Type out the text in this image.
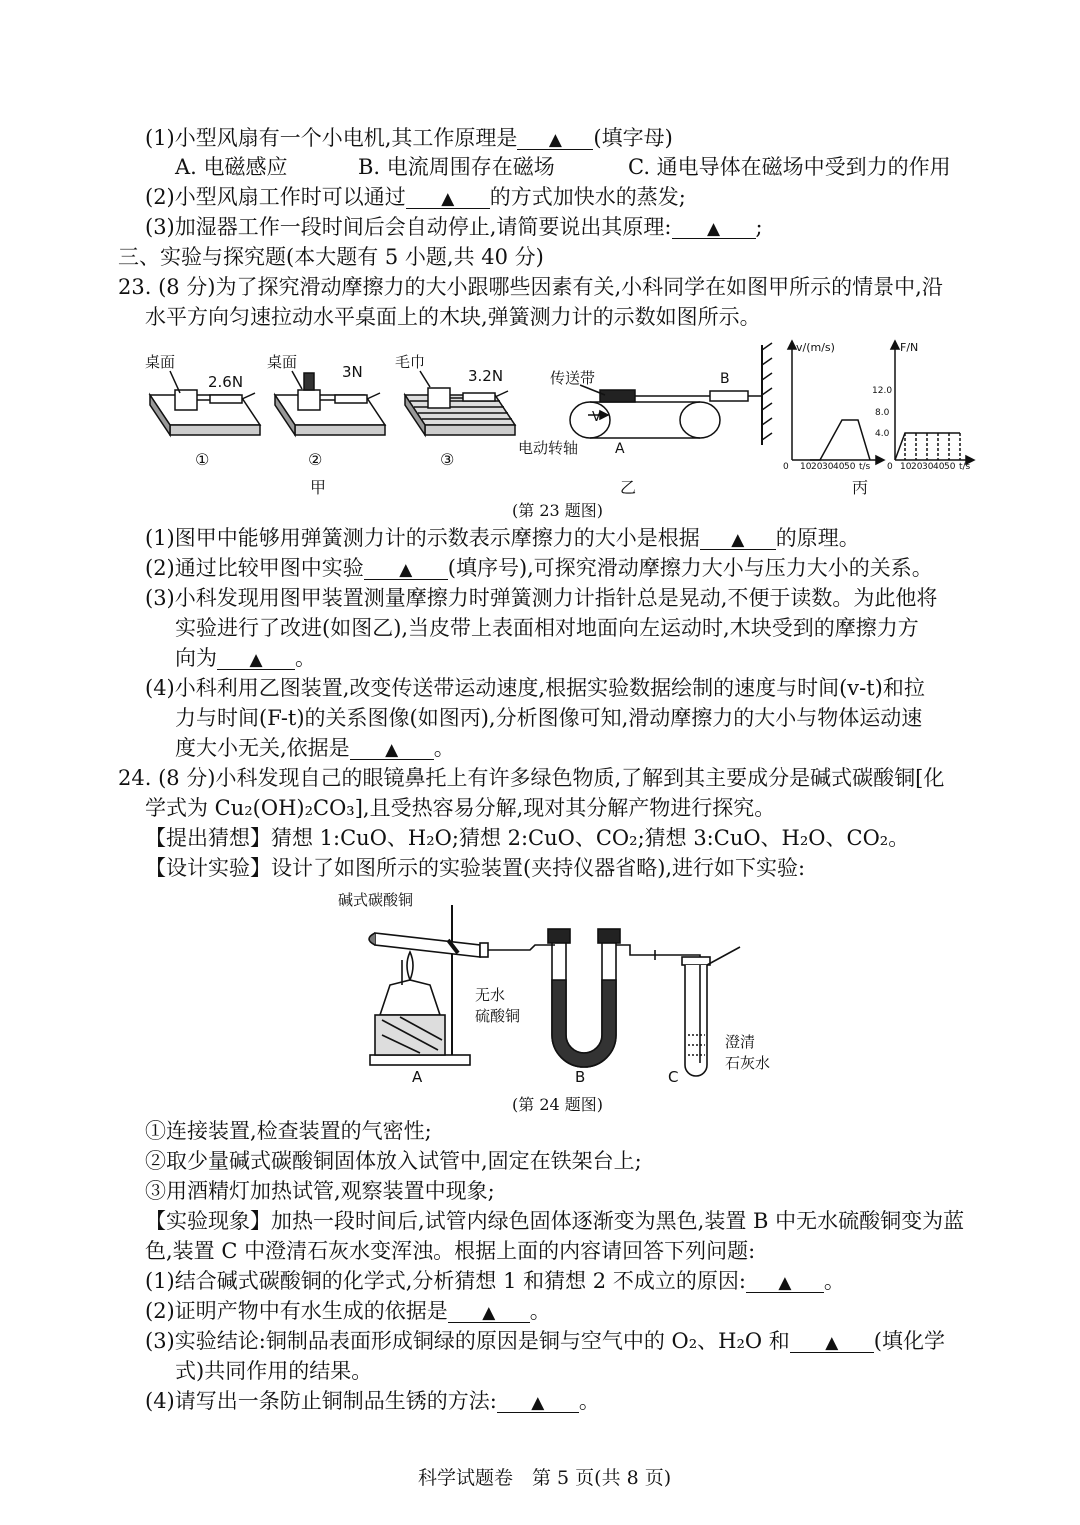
(1)小型风扇有一个小电机,其工作原理是 ▲ (填字母)
A. 电磁感应	B. 电流周围存在磁场	C. 通电导体在磁场中受到力的作用
(2)小型风扇工作时可以通过 ▲ 的方式加快水的蒸发;
(3)加湿器工作一段时间后会自动停止,请简要说出其原理: ▲ ;
三、实验与探究题(本大题有 5 小题,共 40 分)
23. (8 分)为了探究滑动摩擦力的大小跟哪些因素有关,小科同学在如图甲所示的情景中,沿
水平方向匀速拉动水平桌面上的木块,弹簧测力计的示数如图所示。
桌面
2.6N
①
桌面
3N
②
毛巾
3.2N
③
甲
传送带
V
B
A
电动转轴
乙
v/(m/s)	F/N
12.0
8.0
4.0
0 10 20 30 40 50 t/s 0 10 20 30 40 50 t/s
丙
(第 23 题图)
(1)图甲中能够用弹簧测力计的示数表示摩擦力的大小是根据 ▲ 的原理。
(2)通过比较甲图中实验 ▲ (填序号),可探究滑动摩擦力大小与压力大小的关系。
(3)小科发现用图甲装置测量摩擦力时弹簧测力计指针总是晃动,不便于读数。为此他将
实验进行了改进(如图乙),当皮带上表面相对地面向左运动时,木块受到的摩擦力方
向为 ▲ 。
(4)小科利用乙图装置,改变传送带运动速度,根据实验数据绘制的速度与时间(v-t)和拉
力与时间(F-t)的关系图像(如图丙),分析图像可知,滑动摩擦力的大小与物体运动速
度大小无关,依据是 ▲ 。
24. (8 分)小科发现自己的眼镜鼻托上有许多绿色物质,了解到其主要成分是碱式碳酸铜[化
学式为 Cu₂(OH)₂CO₃],且受热容易分解,现对其分解产物进行探究。
【提出猜想】猜想 1:CuO、H₂O;猜想 2:CuO、CO₂;猜想 3:CuO、H₂O、CO₂。
【设计实验】设计了如图所示的实验装置(夹持仪器省略),进行如下实验:
碱式碳酸铜
无水
硫酸铜
澄清
石灰水
A	B	C
(第 24 题图)
①连接装置,检查装置的气密性;
②取少量碱式碳酸铜固体放入试管中,固定在铁架台上;
③用酒精灯加热试管,观察装置中现象;
【实验现象】加热一段时间后,试管内绿色固体逐渐变为黑色,装置 B 中无水硫酸铜变为蓝
色,装置 C 中澄清石灰水变浑浊。根据上面的内容请回答下列问题:
(1)结合碱式碳酸铜的化学式,分析猜想 1 和猜想 2 不成立的原因: ▲ 。
(2)证明产物中有水生成的依据是 ▲ 。
(3)实验结论:铜制品表面形成铜绿的原因是铜与空气中的 O₂、H₂O 和 ▲ (填化学
式)共同作用的结果。
(4)请写出一条防止铜制品生锈的方法: ▲ 。
科学试题卷　第 5 页(共 8 页)
